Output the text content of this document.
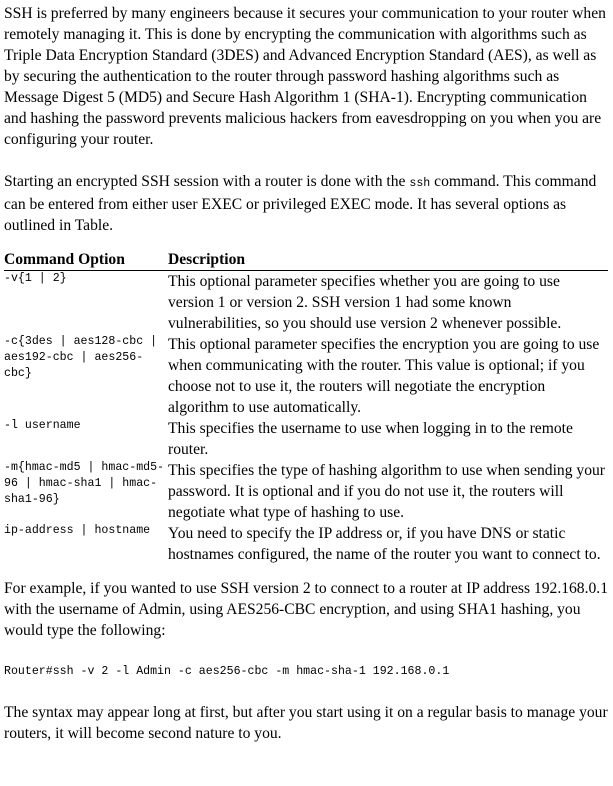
SSH is preferred by many engineers because it secures your communication to your router when remotely managing it. This is done by encrypting the communication with algorithms such as Triple Data Encryption Standard (3DES) and Advanced Encryption Standard (AES), as well as by securing the authentication to the router through password hashing algorithms such as Message Digest 5 (MD5) and Secure Hash Algorithm 1 (SHA-1). Encrypting communication and hashing the password prevents malicious hackers from eavesdropping on you when you are configuring your router.

Starting an encrypted SSH session with a router is done with the ssh command. This command can be entered from either user EXEC or privileged EXEC mode. It has several options as outlined in Table.

Command Option	Description
-v{1 | 2}	This optional parameter specifies whether you are going to use version 1 or version 2. SSH version 1 had some known vulnerabilities, so you should use version 2 whenever possible.
-c{3des | aes128-cbc | aes192-cbc | aes256-cbc}	This optional parameter specifies the encryption you are going to use when communicating with the router. This value is optional; if you choose not to use it, the routers will negotiate the encryption algorithm to use automatically.
-l username	This specifies the username to use when logging in to the remote router.
-m{hmac-md5 | hmac-md5-96 | hmac-sha1 | hmac-sha1-96}	This specifies the type of hashing algorithm to use when sending your password. It is optional and if you do not use it, the routers will negotiate what type of hashing to use.
ip-address | hostname	You need to specify the IP address or, if you have DNS or static hostnames configured, the name of the router you want to connect to.

For example, if you wanted to use SSH version 2 to connect to a router at IP address 192.168.0.1 with the username of Admin, using AES256-CBC encryption, and using SHA1 hashing, you would type the following:

Router#ssh -v 2 -l Admin -c aes256-cbc -m hmac-sha-1 192.168.0.1

The syntax may appear long at first, but after you start using it on a regular basis to manage your routers, it will become second nature to you.
